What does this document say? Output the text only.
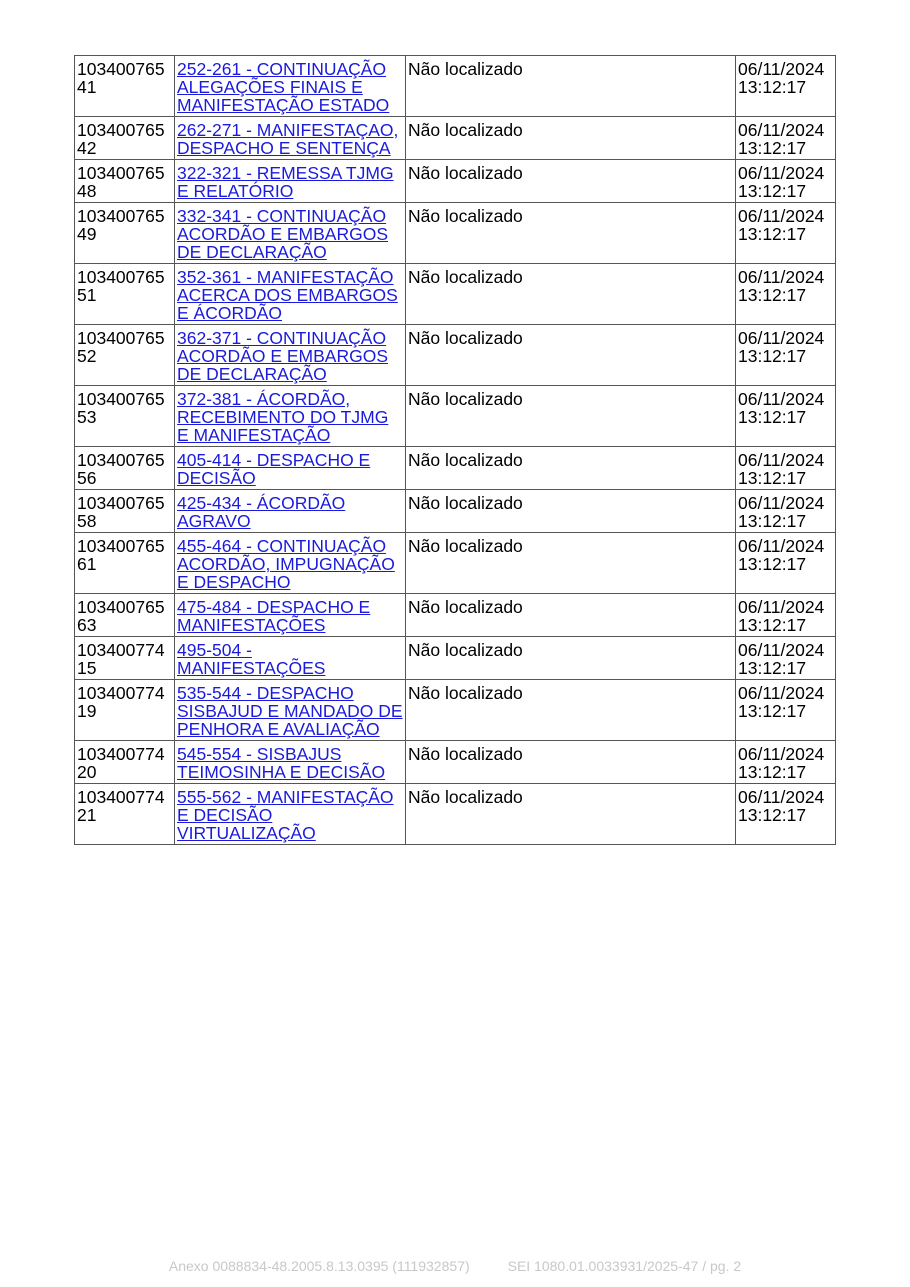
10340076541	252-261 - CONTINUAÇÃO ALEGAÇÕES FINAIS E MANIFESTAÇÃO ESTADO	Não localizado	06/11/2024 13:12:17
10340076542	262-271 - MANIFESTAÇAO, DESPACHO E SENTENÇA	Não localizado	06/11/2024 13:12:17
10340076548	322-321 - REMESSA TJMG E RELATÓRIO	Não localizado	06/11/2024 13:12:17
10340076549	332-341 - CONTINUAÇÃO ACORDÃO E EMBARGOS DE DECLARAÇÃO	Não localizado	06/11/2024 13:12:17
10340076551	352-361 - MANIFESTAÇÃO ACERCA DOS EMBARGOS E ÁCORDÃO	Não localizado	06/11/2024 13:12:17
10340076552	362-371 - CONTINUAÇÃO ACORDÃO E EMBARGOS DE DECLARAÇÃO	Não localizado	06/11/2024 13:12:17
10340076553	372-381 - ÁCORDÃO, RECEBIMENTO DO TJMG E MANIFESTAÇÃO	Não localizado	06/11/2024 13:12:17
10340076556	405-414 - DESPACHO E DECISÃO	Não localizado	06/11/2024 13:12:17
10340076558	425-434 - ÁCORDÃO AGRAVO	Não localizado	06/11/2024 13:12:17
10340076561	455-464 - CONTINUAÇÃO ACORDÃO, IMPUGNAÇÃO E DESPACHO	Não localizado	06/11/2024 13:12:17
10340076563	475-484 - DESPACHO E MANIFESTAÇÕES	Não localizado	06/11/2024 13:12:17
10340077415	495-504 - MANIFESTAÇÕES	Não localizado	06/11/2024 13:12:17
10340077419	535-544 - DESPACHO SISBAJUD E MANDADO DE PENHORA E AVALIAÇÃO	Não localizado	06/11/2024 13:12:17
10340077420	545-554 - SISBAJUS TEIMOSINHA E DECISÃO	Não localizado	06/11/2024 13:12:17
10340077421	555-562 - MANIFESTAÇÃO E DECISÃO VIRTUALIZAÇÃO	Não localizado	06/11/2024 13:12:17
Anexo 0088834-48.2005.8.13.0395 (111932857)	SEI 1080.01.0033931/2025-47 / pg. 2
